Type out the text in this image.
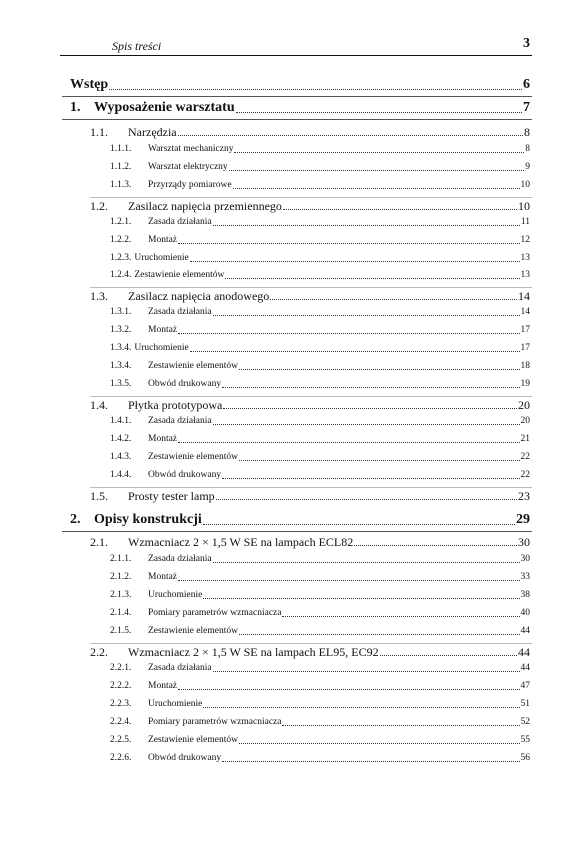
Spis treści	3
Wstęp	6
1. Wyposażenie warsztatu	7
1.1.	Narzędzia	8
1.1.1.	Warsztat mechaniczny	8
1.1.2.	Warsztat elektryczny	9
1.1.3.	Przyrządy pomiarowe	10
1.2.	Zasilacz napięcia przemiennego	10
1.2.1.	Zasada działania	11
1.2.2.	Montaż	12
1.2.3. Uruchomienie	13
1.2.4. Zestawienie elementów	13
1.3.	Zasilacz napięcia anodowego	14
1.3.1.	Zasada działania	14
1.3.2.	Montaż	17
1.3.4. Uruchomienie	17
1.3.4.	Zestawienie elementów	18
1.3.5.	Obwód drukowany	19
1.4.	Płytka prototypowa	20
1.4.1.	Zasada działania	20
1.4.2.	Montaż	21
1.4.3.	Zestawienie elementów	22
1.4.4.	Obwód drukowany	22
1.5.	Prosty tester lamp	23
2. Opisy konstrukcji	29
2.1.	Wzmacniacz 2 × 1,5 W SE na lampach ECL82	30
2.1.1.	Zasada działania	30
2.1.2.	Montaż	33
2.1.3.	Uruchomienie	38
2.1.4.	Pomiary parametrów wzmacniacza	40
2.1.5.	Zestawienie elementów	44
2.2.	Wzmacniacz 2 × 1,5 W SE na lampach EL95, EC92	44
2.2.1.	Zasada działania	44
2.2.2.	Montaż	47
2.2.3.	Uruchomienie	51
2.2.4.	Pomiary parametrów wzmacniacza	52
2.2.5.	Zestawienie elementów	55
2.2.6.	Obwód drukowany	56
